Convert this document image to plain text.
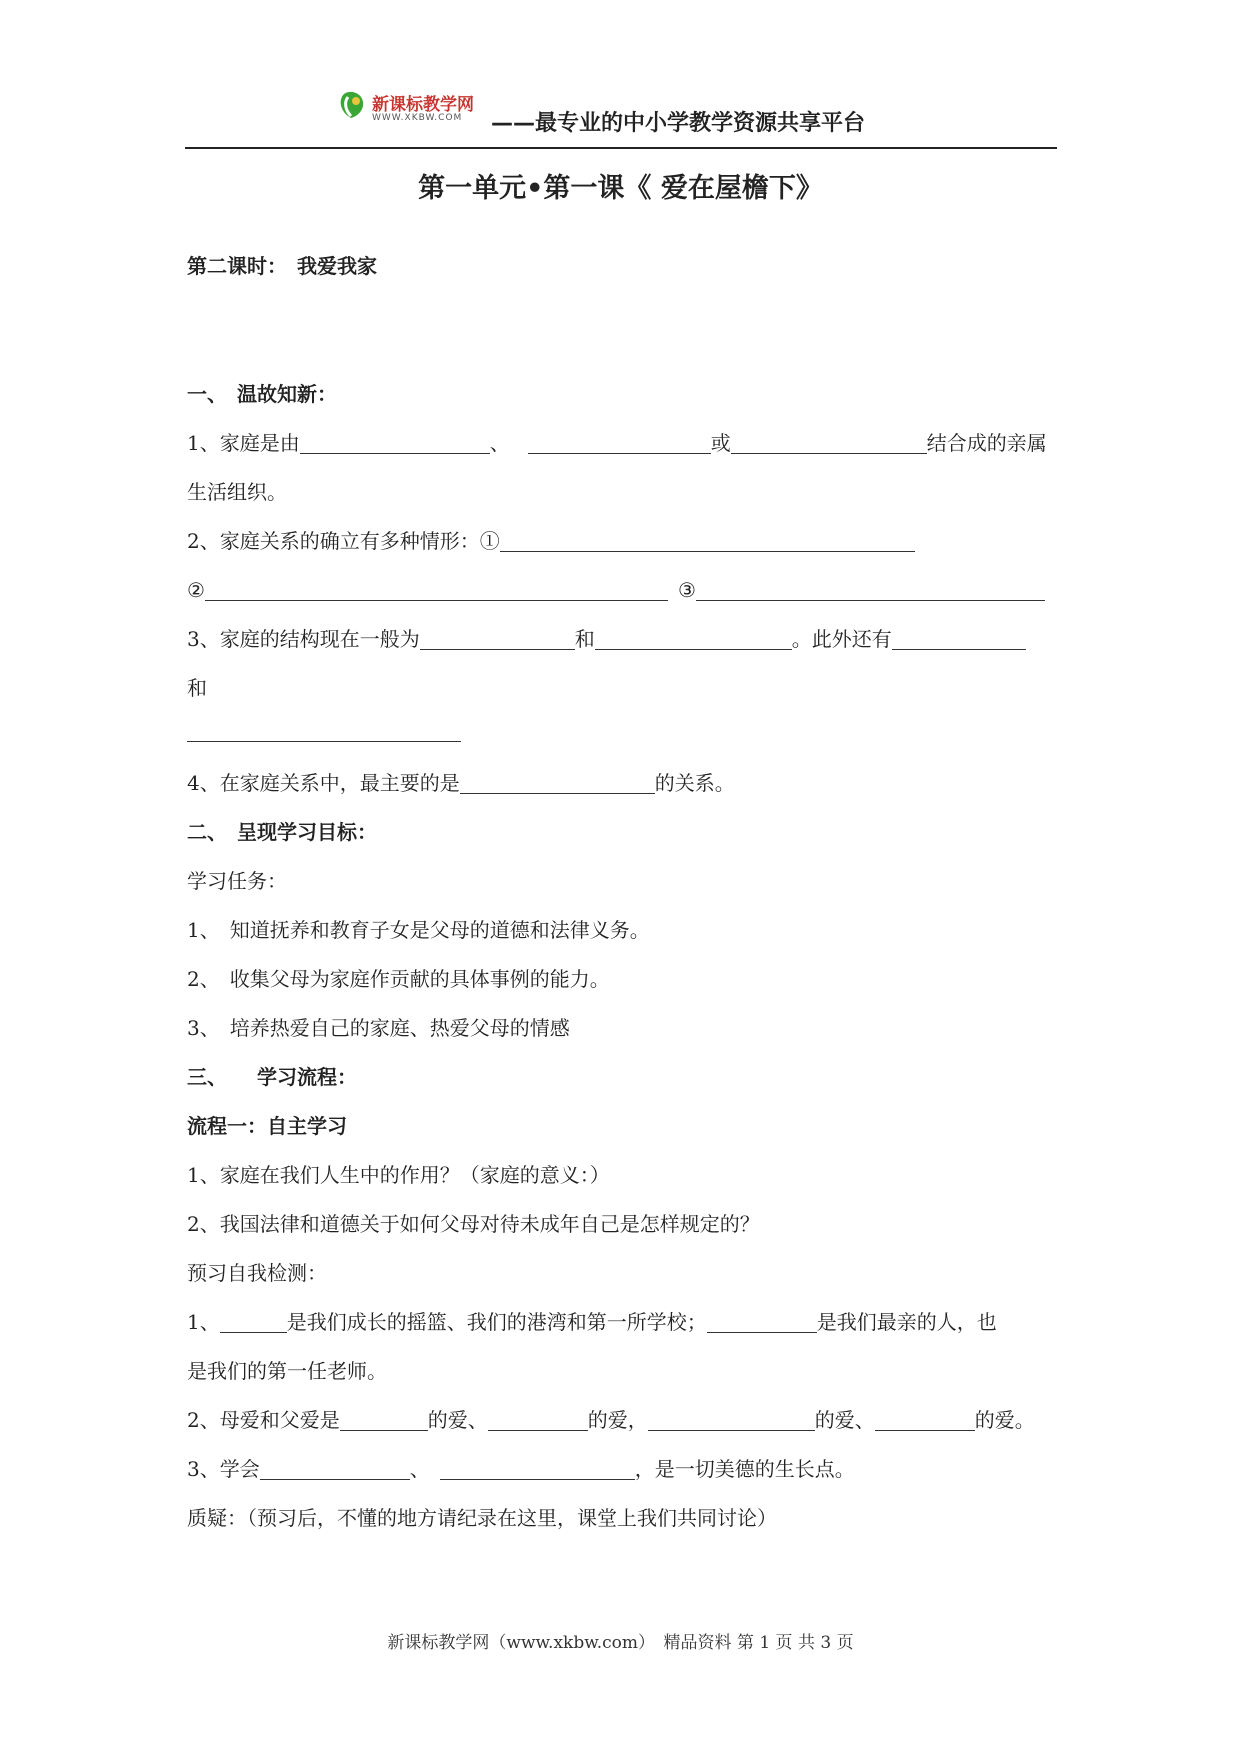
新课标教学网
WWW.XKBW.COM ——最专业的中小学教学资源共享平台
第一单元•第一课《 爱在屋檐下》
第二课时：　我爱我家
一、　温故知新：
1、家庭是由	、	或	结合成的亲属
生活组织。
2、家庭关系的确立有多种情形：①
②	③
3、家庭的结构现在一般为	和	。此外还有
和
4、在家庭关系中，最主要的是	的关系。
二、　呈现学习目标：
学习任务：
1、　知道抚养和教育子女是父母的道德和法律义务。
2、　收集父母为家庭作贡献的具体事例的能力。
3、　培养热爱自己的家庭、热爱父母的情感
三、　　学习流程：
流程一：自主学习
1、家庭在我们人生中的作用？（家庭的意义：）
2、我国法律和道德关于如何父母对待未成年自己是怎样规定的？
预习自我检测：
1、	是我们成长的摇篮、我们的港湾和第一所学校；	是我们最亲的人，也
是我们的第一任老师。
2、母爱和父爱是	的爱、	的爱，	的爱、	的爱。
3、学会	、	，是一切美德的生长点。
质疑：（预习后，不懂的地方请纪录在这里，课堂上我们共同讨论）
新课标教学网（www.xkbw.com）　精品资料 第 1 页 共 3 页
